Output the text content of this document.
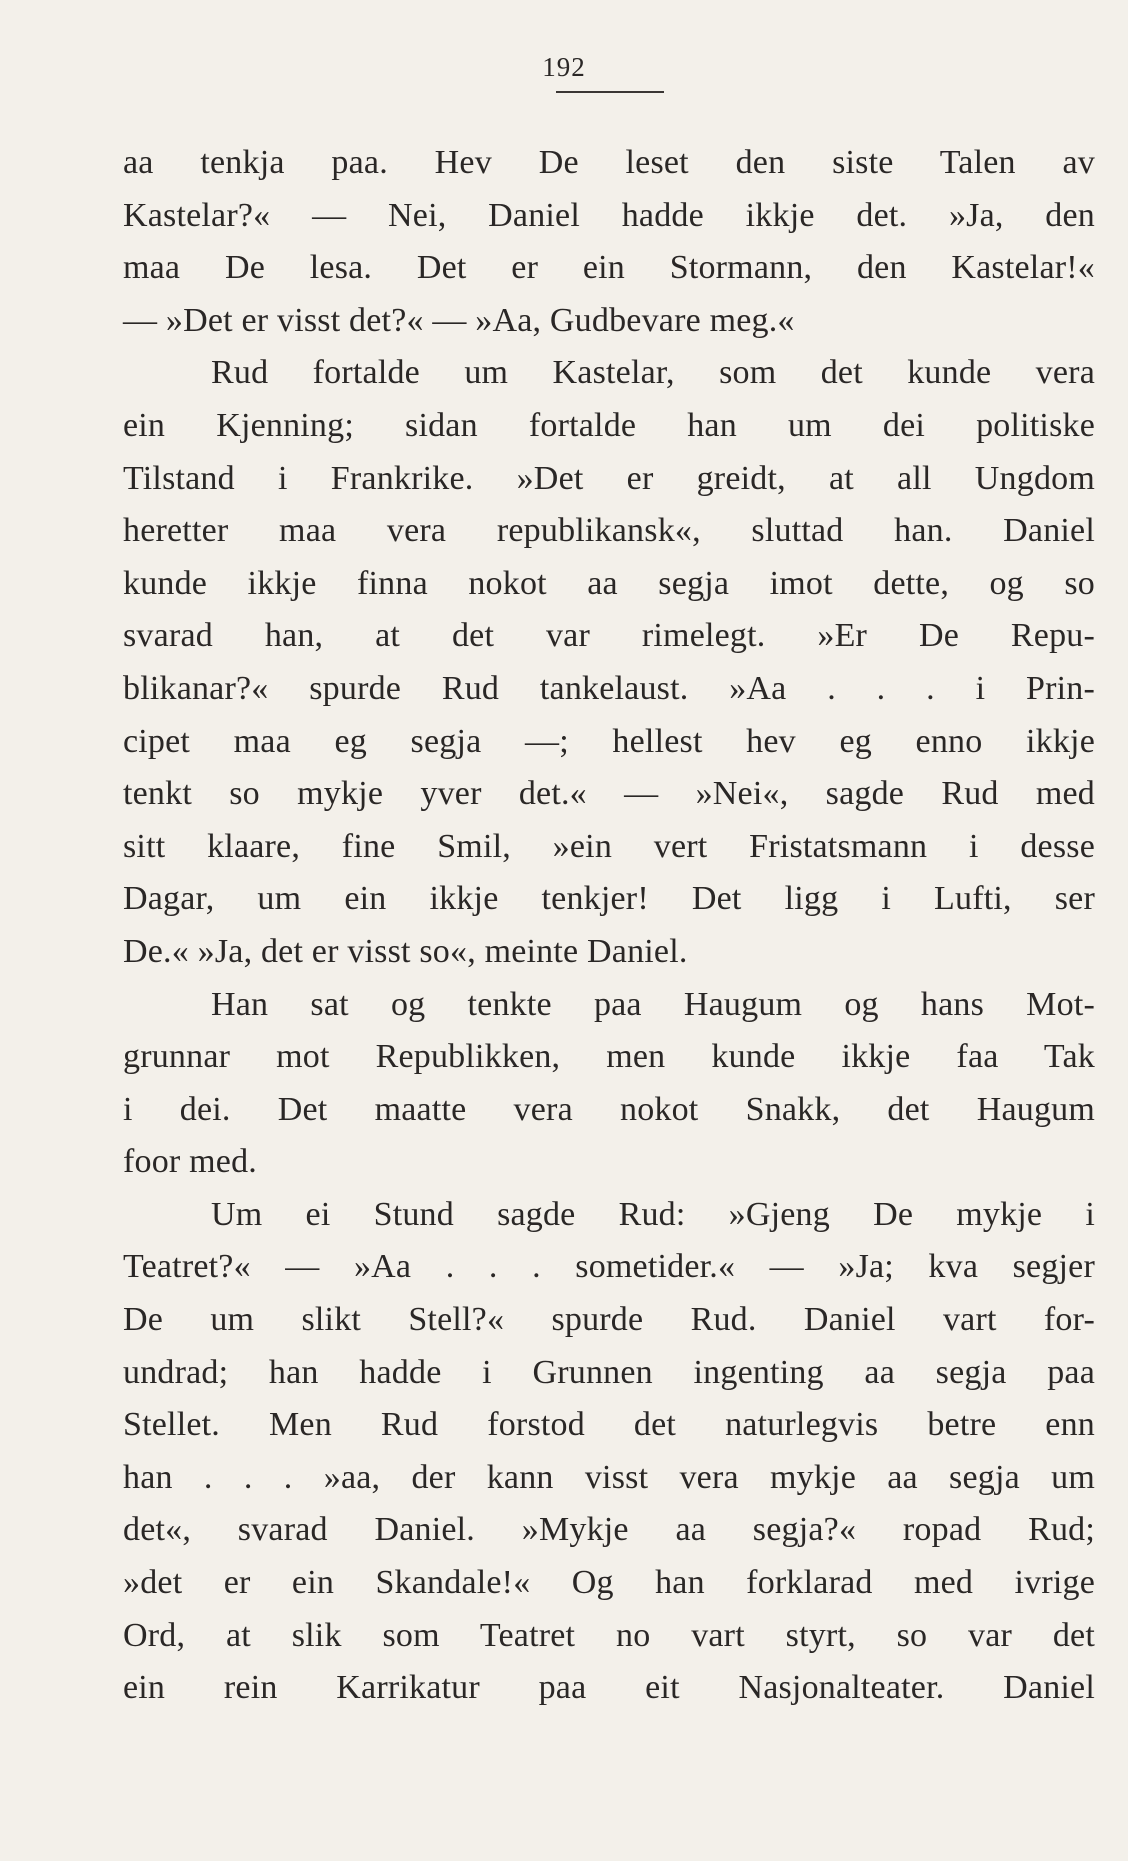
192
aa tenkja paa. Hev De leset den siste Talen av
Kastelar?« — Nei, Daniel hadde ikkje det. »Ja, den
maa De lesa. Det er ein Stormann, den Kastelar!«
— »Det er visst det?« — »Aa, Gudbevare meg.«
Rud fortalde um Kastelar, som det kunde vera
ein Kjenning; sidan fortalde han um dei politiske
Tilstand i Frankrike. »Det er greidt, at all Ungdom
heretter maa vera republikansk«, sluttad han. Daniel
kunde ikkje finna nokot aa segja imot dette, og so
svarad han, at det var rimelegt. »Er De Repu-
blikanar?« spurde Rud tankelaust. »Aa . . . i Prin-
cipet maa eg segja —; hellest hev eg enno ikkje
tenkt so mykje yver det.« — »Nei«, sagde Rud med
sitt klaare, fine Smil, »ein vert Fristatsmann i desse
Dagar, um ein ikkje tenkjer! Det ligg i Lufti, ser
De.« »Ja, det er visst so«, meinte Daniel.
Han sat og tenkte paa Haugum og hans Mot-
grunnar mot Republikken, men kunde ikkje faa Tak
i dei. Det maatte vera nokot Snakk, det Haugum
foor med.
Um ei Stund sagde Rud: »Gjeng De mykje i
Teatret?« — »Aa . . . sometider.« — »Ja; kva segjer
De um slikt Stell?« spurde Rud. Daniel vart for-
undrad; han hadde i Grunnen ingenting aa segja paa
Stellet. Men Rud forstod det naturlegvis betre enn
han . . . »aa, der kann visst vera mykje aa segja um
det«, svarad Daniel. »Mykje aa segja?« ropad Rud;
»det er ein Skandale!« Og han forklarad med ivrige
Ord, at slik som Teatret no vart styrt, so var det
ein rein Karrikatur paa eit Nasjonalteater. Daniel
